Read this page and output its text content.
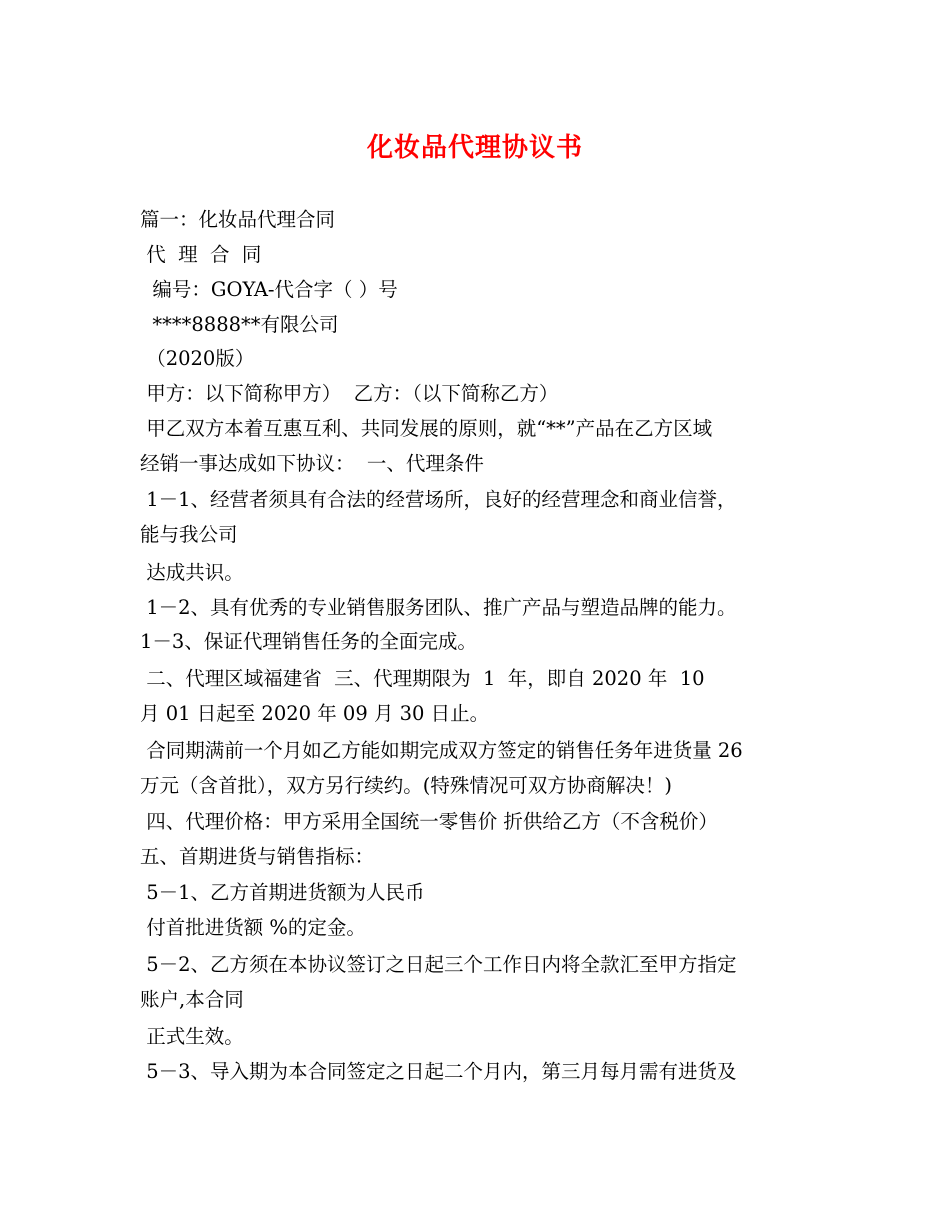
化妆品代理协议书
篇一：化妆品代理合同
代  理  合  同
编号：GOYA-代合字（ ）号
****8888**有限公司
（2020版）
甲方：以下简称甲方）  乙方：（以下简称乙方）
甲乙双方本着互惠互利、共同发展的原则，就“**”产品在乙方区域
经销一事达成如下协议：  一、代理条件
1－1、经营者须具有合法的经营场所，良好的经营理念和商业信誉，
能与我公司
达成共识。
1－2、具有优秀的专业销售服务团队、推广产品与塑造品牌的能力。
1－3、保证代理销售任务的全面完成。
二、代理区域福建省  三、代理期限为  1  年，即自 2020 年  10
月 01 日起至 2020 年 09 月 30 日止。
合同期满前一个月如乙方能如期完成双方签定的销售任务年进货量 26
万元（含首批），双方另行续约。(特殊情况可双方协商解决！)
四、代理价格：甲方采用全国统一零售价 折供给乙方（不含税价）
五、首期进货与销售指标：
5－1、乙方首期进货额为人民币
付首批进货额 %的定金。
5－2、乙方须在本协议签订之日起三个工作日内将全款汇至甲方指定
账户,本合同
正式生效。
5－3、导入期为本合同签定之日起二个月内，第三月每月需有进货及
